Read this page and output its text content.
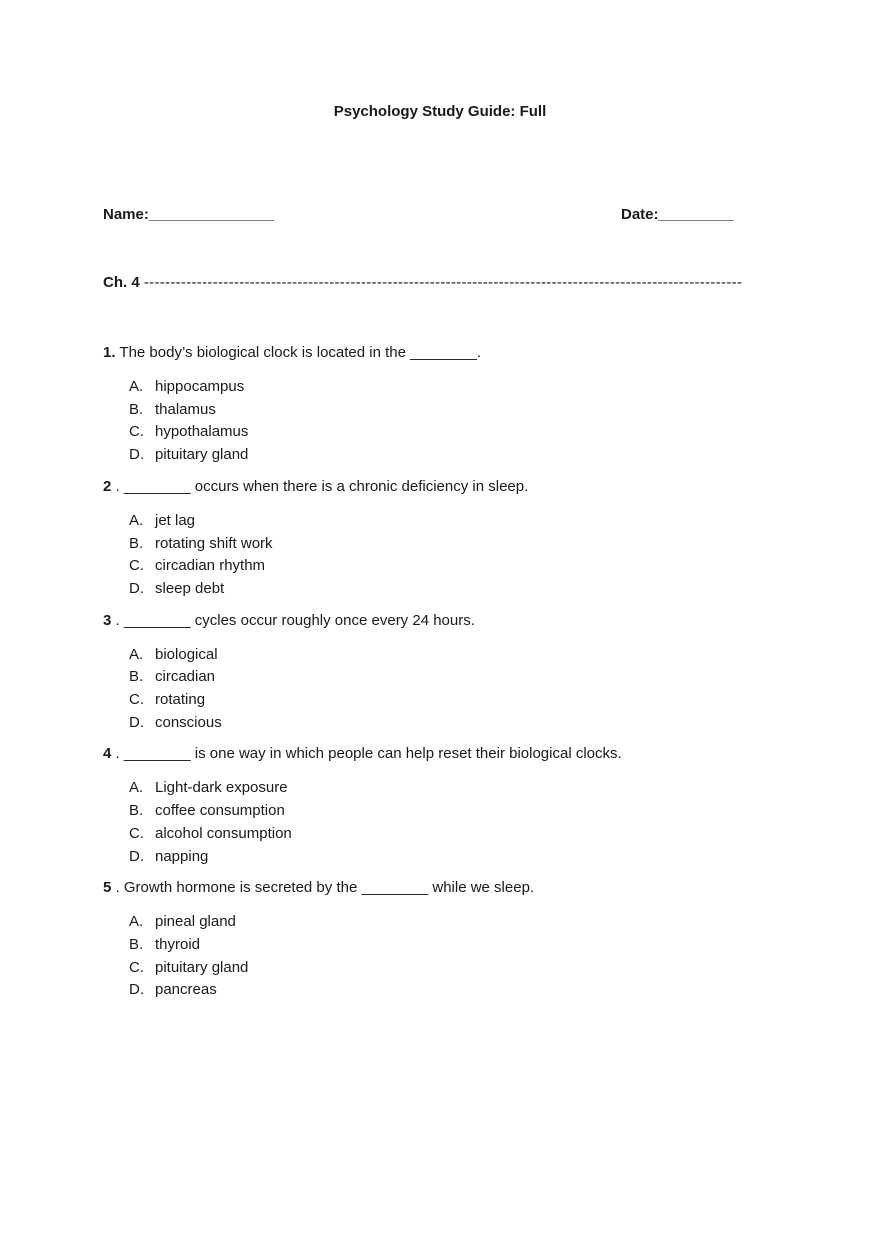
Psychology Study Guide: Full
Name:_______________	Date:_________
Ch. 4 -----------------------------------------------------------------------------------------------------------------
1. The body’s biological clock is located in the ________.
A. hippocampus
B. thalamus
C. hypothalamus
D. pituitary gland
2 . ________ occurs when there is a chronic deficiency in sleep.
A. jet lag
B. rotating shift work
C. circadian rhythm
D. sleep debt
3 . ________ cycles occur roughly once every 24 hours.
A. biological
B. circadian
C. rotating
D. conscious
4 . ________ is one way in which people can help reset their biological clocks.
A. Light-dark exposure
B. coffee consumption
C. alcohol consumption
D. napping
5 . Growth hormone is secreted by the ________ while we sleep.
A. pineal gland
B. thyroid
C. pituitary gland
D. pancreas
